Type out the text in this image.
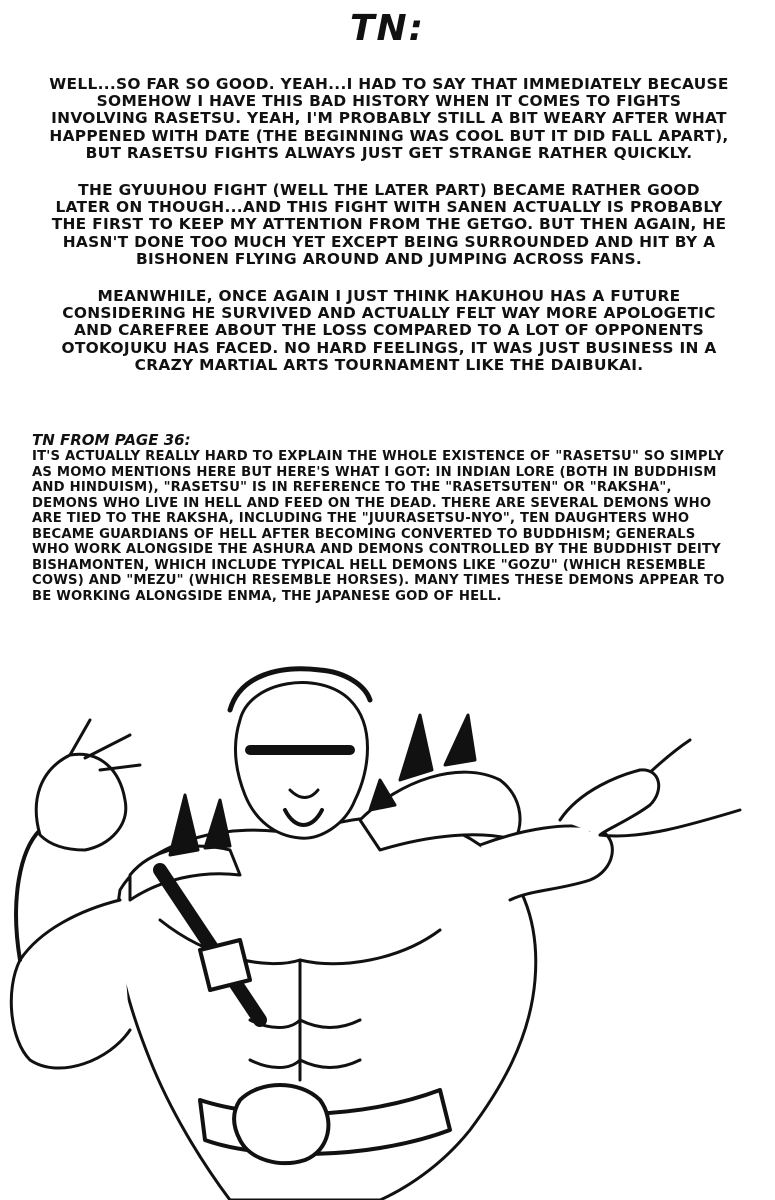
TN:

WELL...SO FAR SO GOOD. YEAH...I HAD TO SAY THAT IMMEDIATELY BECAUSE SOMEHOW I HAVE THIS BAD HISTORY WHEN IT COMES TO FIGHTS INVOLVING RASETSU. YEAH, I'M PROBABLY STILL A BIT WEARY AFTER WHAT HAPPENED WITH DATE (THE BEGINNING WAS COOL BUT IT DID FALL APART), BUT RASETSU FIGHTS ALWAYS JUST GET STRANGE RATHER QUICKLY.

THE GYUUHOU FIGHT (WELL THE LATER PART) BECAME RATHER GOOD LATER ON THOUGH...AND THIS FIGHT WITH SANEN ACTUALLY IS PROBABLY THE FIRST TO KEEP MY ATTENTION FROM THE GETGO. BUT THEN AGAIN, HE HASN'T DONE TOO MUCH YET EXCEPT BEING SURROUNDED AND HIT BY A BISHONEN FLYING AROUND AND JUMPING ACROSS FANS.

MEANWHILE, ONCE AGAIN I JUST THINK HAKUHOU HAS A FUTURE CONSIDERING HE SURVIVED AND ACTUALLY FELT WAY MORE APOLOGETIC AND CAREFREE ABOUT THE LOSS COMPARED TO A LOT OF OPPONENTS OTOKOJUKU HAS FACED. NO HARD FEELINGS, IT WAS JUST BUSINESS IN A CRAZY MARTIAL ARTS TOURNAMENT LIKE THE DAIBUKAI.

TN FROM PAGE 36:

IT'S ACTUALLY REALLY HARD TO EXPLAIN THE WHOLE EXISTENCE OF "RASETSU" SO SIMPLY AS MOMO MENTIONS HERE BUT HERE'S WHAT I GOT: IN INDIAN LORE (BOTH IN BUDDHISM AND HINDUISM), "RASETSU" IS IN REFERENCE TO THE "RASETSUTEN" OR "RAKSHA", DEMONS WHO LIVE IN HELL AND FEED ON THE DEAD. THERE ARE SEVERAL DEMONS WHO ARE TIED TO THE RAKSHA, INCLUDING THE "JUURASETSU-NYO", TEN DAUGHTERS WHO BECAME GUARDIANS OF HELL AFTER BECOMING CONVERTED TO BUDDHISM; GENERALS WHO WORK ALONGSIDE THE ASHURA AND DEMONS CONTROLLED BY THE BUDDHIST DEITY BISHAMONTEN, WHICH INCLUDE TYPICAL HELL DEMONS LIKE "GOZU" (WHICH RESEMBLE COWS) AND "MEZU" (WHICH RESEMBLE HORSES). MANY TIMES THESE DEMONS APPEAR TO BE WORKING ALONGSIDE ENMA, THE JAPANESE GOD OF HELL.
